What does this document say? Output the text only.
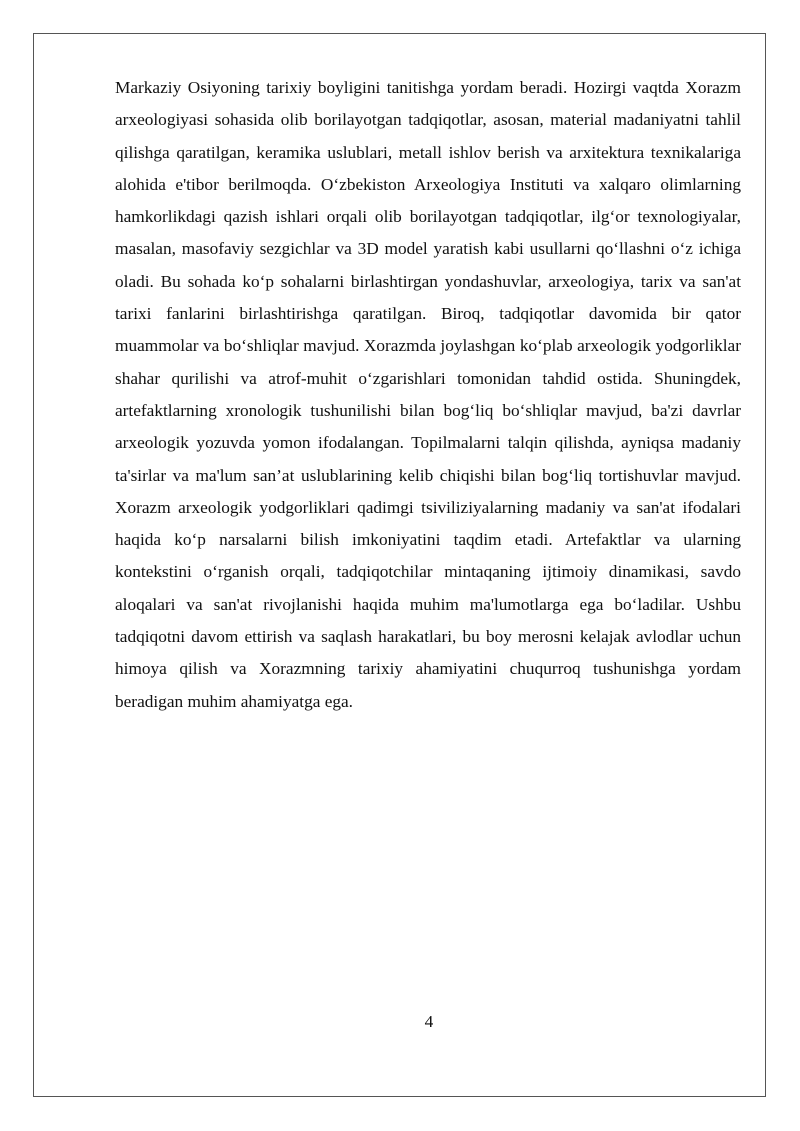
Markaziy Osiyoning tarixiy boyligini tanitishga yordam beradi. Hozirgi vaqtda Xorazm arxeologiyasi sohasida olib borilayotgan tadqiqotlar, asosan, material madaniyatni tahlil qilishga qaratilgan, keramika uslublari, metall ishlov berish va arxitektura texnikalariga alohida e'tibor berilmoqda. O‘zbekiston Arxeologiya Instituti va xalqaro olimlarning hamkorlikdagi qazish ishlari orqali olib borilayotgan tadqiqotlar, ilg‘or texnologiyalar, masalan, masofaviy sezgichlar va 3D model yaratish kabi usullarni qo‘llashni o‘z ichiga oladi. Bu sohada ko‘p sohalarni birlashtirgan yondashuvlar, arxeologiya, tarix va san'at tarixi fanlarini birlashtirishga qaratilgan. Biroq, tadqiqotlar davomida bir qator muammolar va bo‘shliqlar mavjud. Xorazmda joylashgan ko‘plab arxeologik yodgorliklar shahar qurilishi va atrof-muhit o‘zgarishlari tomonidan tahdid ostida. Shuningdek, artefaktlarning xronologik tushunilishi bilan bog‘liq bo‘shliqlar mavjud, ba'zi davrlar arxeologik yozuvda yomon ifodalangan. Topilmalarni talqin qilishda, ayniqsa madaniy ta'sirlar va ma'lum san’at uslublarining kelib chiqishi bilan bog‘liq tortishuvlar mavjud. Xorazm arxeologik yodgorliklari qadimgi tsiviliziyalarning madaniy va san'at ifodalari haqida ko‘p narsalarni bilish imkoniyatini taqdim etadi. Artefaktlar va ularning kontekstini o‘rganish orqali, tadqiqotchilar mintaqaning ijtimoiy dinamikasi, savdo aloqalari va san'at rivojlanishi haqida muhim ma'lumotlarga ega bo‘ladilar. Ushbu tadqiqotni davom ettirish va saqlash harakatlari, bu boy merosni kelajak avlodlar uchun himoya qilish va Xorazmning tarixiy ahamiyatini chuqurroq tushunishga yordam beradigan muhim ahamiyatga ega.

4
